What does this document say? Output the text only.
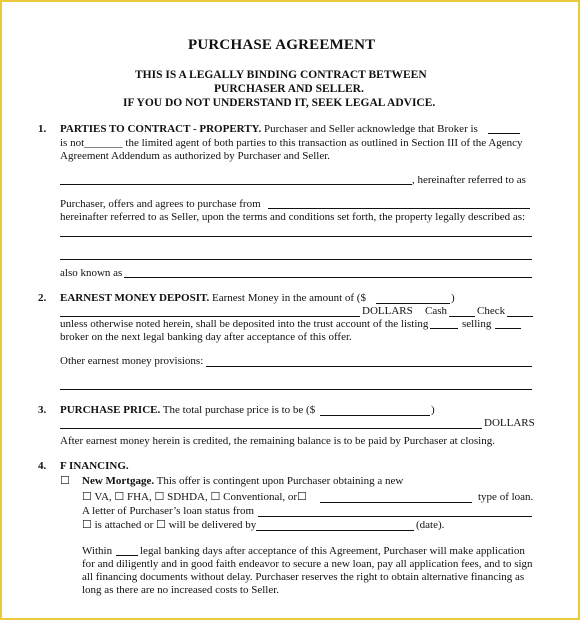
PURCHASE AGREEMENT
THIS IS A LEGALLY BINDING CONTRACT BETWEEN
PURCHASER AND SELLER.
IF YOU DO NOT UNDERSTAND IT, SEEK LEGAL ADVICE.
1. PARTIES TO CONTRACT - PROPERTY. Purchaser and Seller acknowledge that Broker is
is not_______ the limited agent of both parties to this transaction as outlined in Section III of the Agency
Agreement Addendum as authorized by Purchaser and Seller.
, hereinafter referred to as
Purchaser, offers and agrees to purchase from
hereinafter referred to as Seller, upon the terms and conditions set forth, the property legally described as:
also known as
2. EARNEST MONEY DEPOSIT. Earnest Money in the amount of ($	)
DOLLARS Cash	Check
unless otherwise noted herein, shall be deposited into the trust account of the listing	selling
broker on the next legal banking day after acceptance of this offer.
Other earnest money provisions:
3. PURCHASE PRICE. The total purchase price is to be ($	)
DOLLARS
After earnest money herein is credited, the remaining balance is to be paid by Purchaser at closing.
4. F INANCING.
☐ New Mortgage. This offer is contingent upon Purchaser obtaining a new
☐ VA, ☐ FHA, ☐ SDHDA, ☐ Conventional, or☐	type of loan.
A letter of Purchaser’s loan status from
☐ is attached or ☐ will be delivered by	(date).
Within	legal banking days after acceptance of this Agreement, Purchaser will make application
for and diligently and in good faith endeavor to secure a new loan, pay all application fees, and to sign
all financing documents without delay. Purchaser reserves the right to obtain alternative financing as
long as there are no increased costs to Seller.
